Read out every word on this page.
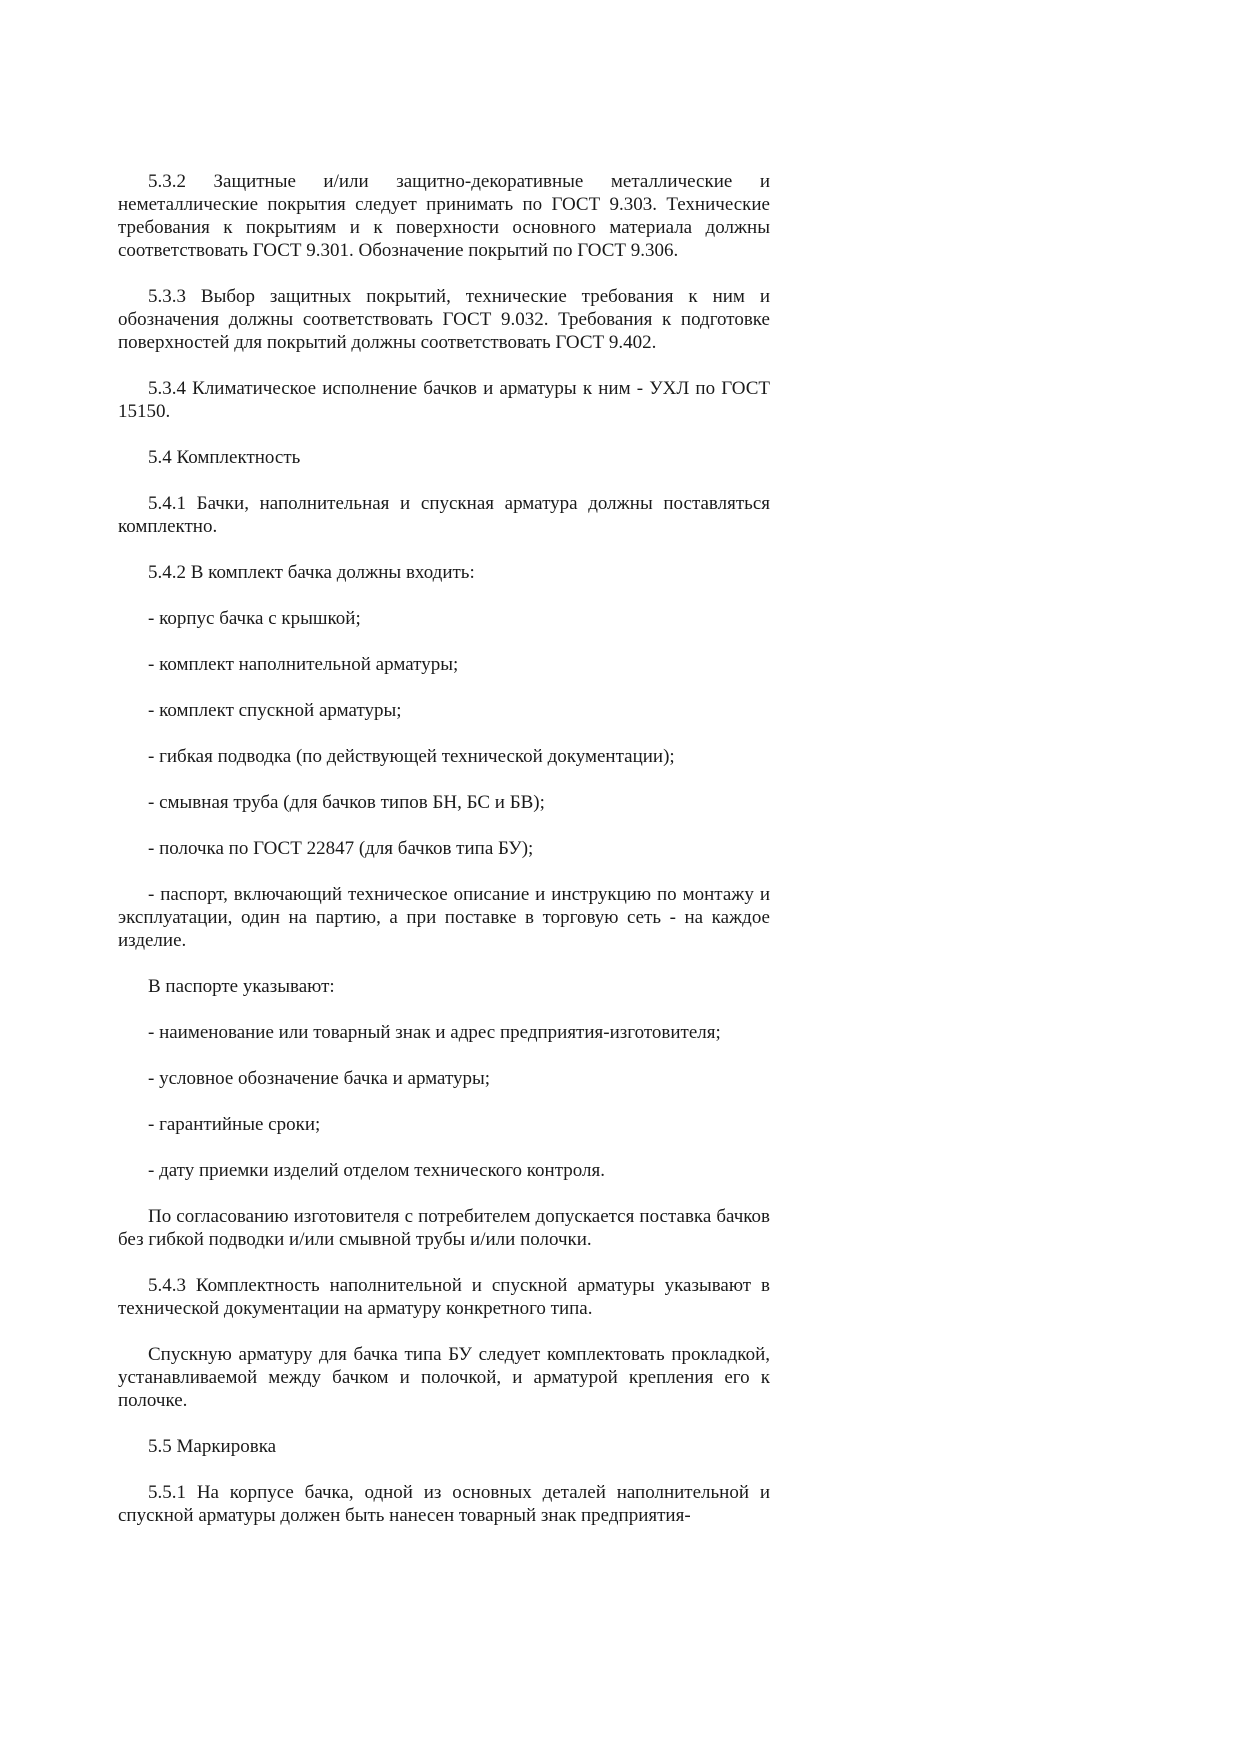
5.3.2 Защитные и/или защитно-декоративные металлические и неметаллические покрытия следует принимать по ГОСТ 9.303. Технические требования к покрытиям и к поверхности основного материала должны соответствовать ГОСТ 9.301. Обозначение покрытий по ГОСТ 9.306.

5.3.3 Выбор защитных покрытий, технические требования к ним и обозначения должны соответствовать ГОСТ 9.032. Требования к подготовке поверхностей для покрытий должны соответствовать ГОСТ 9.402.

5.3.4 Климатическое исполнение бачков и арматуры к ним - УХЛ по ГОСТ 15150.

5.4 Комплектность

5.4.1 Бачки, наполнительная и спускная арматура должны поставляться комплектно.

5.4.2 В комплект бачка должны входить:

- корпус бачка с крышкой;

- комплект наполнительной арматуры;

- комплект спускной арматуры;

- гибкая подводка (по действующей технической документации);

- смывная труба (для бачков типов БН, БС и БВ);

- полочка по ГОСТ 22847 (для бачков типа БУ);

- паспорт, включающий техническое описание и инструкцию по монтажу и эксплуатации, один на партию, а при поставке в торговую сеть - на каждое изделие.

В паспорте указывают:

- наименование или товарный знак и адрес предприятия-изготовителя;

- условное обозначение бачка и арматуры;

- гарантийные сроки;

- дату приемки изделий отделом технического контроля.

По согласованию изготовителя с потребителем допускается поставка бачков без гибкой подводки и/или смывной трубы и/или полочки.

5.4.3 Комплектность наполнительной и спускной арматуры указывают в технической документации на арматуру конкретного типа.

Спускную арматуру для бачка типа БУ следует комплектовать прокладкой, устанавливаемой между бачком и полочкой, и арматурой крепления его к полочке.

5.5 Маркировка

5.5.1 На корпусе бачка, одной из основных деталей наполнительной и спускной арматуры должен быть нанесен товарный знак предприятия-
